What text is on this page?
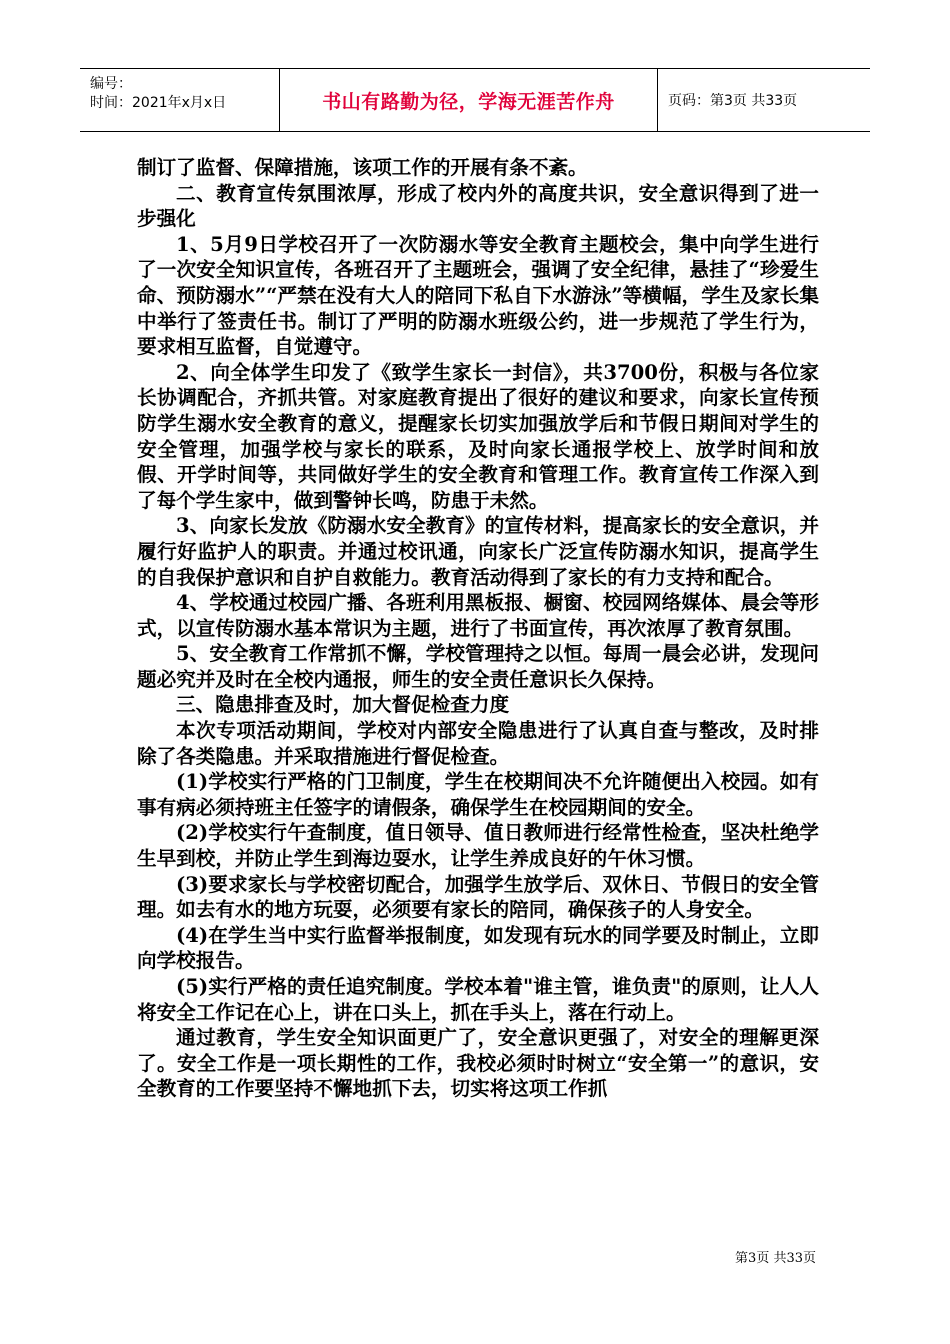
编号：
时间：2021年x月x日	书山有路勤为径，学海无涯苦作舟	页码：第3页 共33页

制订了监督、保障措施，该项工作的开展有条不紊。

二、教育宣传氛围浓厚，形成了校内外的高度共识，安全意识得到了进一步强化

1、5月9日学校召开了一次防溺水等安全教育主题校会，集中向学生进行了一次安全知识宣传，各班召开了主题班会，强调了安全纪律，悬挂了“珍爱生命、预防溺水”“严禁在没有大人的陪同下私自下水游泳”等横幅，学生及家长集中举行了签责任书。制订了严明的防溺水班级公约，进一步规范了学生行为，要求相互监督，自觉遵守。

2、向全体学生印发了《致学生家长一封信》，共3700份，积极与各位家长协调配合，齐抓共管。对家庭教育提出了很好的建议和要求，向家长宣传预防学生溺水安全教育的意义，提醒家长切实加强放学后和节假日期间对学生的安全管理，加强学校与家长的联系，及时向家长通报学校上、放学时间和放假、开学时间等，共同做好学生的安全教育和管理工作。教育宣传工作深入到了每个学生家中，做到警钟长鸣，防患于未然。

3、向家长发放《防溺水安全教育》的宣传材料，提高家长的安全意识，并履行好监护人的职责。并通过校讯通，向家长广泛宣传防溺水知识，提高学生的自我保护意识和自护自救能力。教育活动得到了家长的有力支持和配合。

4、学校通过校园广播、各班利用黑板报、橱窗、校园网络媒体、晨会等形式，以宣传防溺水基本常识为主题，进行了书面宣传，再次浓厚了教育氛围。

5、安全教育工作常抓不懈，学校管理持之以恒。每周一晨会必讲，发现问题必究并及时在全校内通报，师生的安全责任意识长久保持。

三、隐患排查及时，加大督促检查力度

本次专项活动期间，学校对内部安全隐患进行了认真自查与整改，及时排除了各类隐患。并采取措施进行督促检查。

(1)学校实行严格的门卫制度，学生在校期间决不允许随便出入校园。如有事有病必须持班主任签字的请假条，确保学生在校园期间的安全。

(2)学校实行午查制度，值日领导、值日教师进行经常性检查，坚决杜绝学生早到校，并防止学生到海边耍水，让学生养成良好的午休习惯。

(3)要求家长与学校密切配合，加强学生放学后、双休日、节假日的安全管理。如去有水的地方玩耍，必须要有家长的陪同，确保孩子的人身安全。

(4)在学生当中实行监督举报制度，如发现有玩水的同学要及时制止，立即向学校报告。

(5)实行严格的责任追究制度。学校本着"谁主管，谁负责"的原则，让人人将安全工作记在心上，讲在口头上，抓在手头上，落在行动上。

通过教育，学生安全知识面更广了，安全意识更强了，对安全的理解更深了。安全工作是一项长期性的工作，我校必须时时树立“安全第一”的意识，安全教育的工作要坚持不懈地抓下去，切实将这项工作抓

第3页 共33页
